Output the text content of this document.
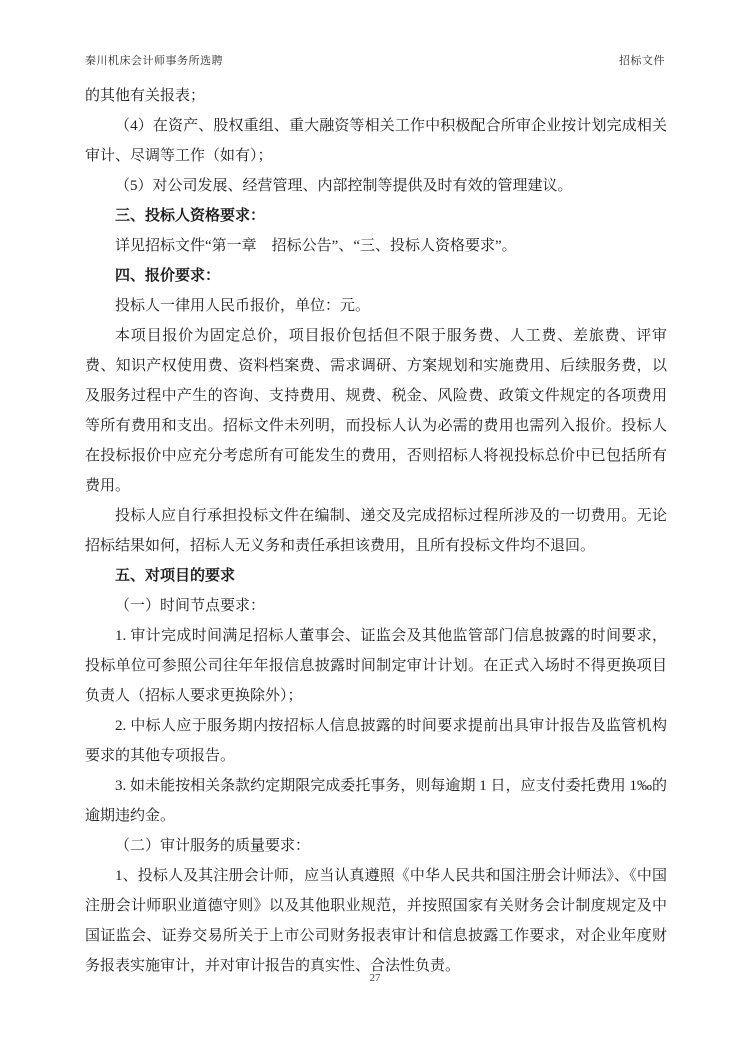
秦川机床会计师事务所选聘	招标文件

的其他有关报表；

（4）在资产、股权重组、重大融资等相关工作中积极配合所审企业按计划完成相关审计、尽调等工作（如有）；

（5）对公司发展、经营管理、内部控制等提供及时有效的管理建议。

三、投标人资格要求：

详见招标文件“第一章　招标公告”、“三、投标人资格要求”。

四、报价要求：

投标人一律用人民币报价，单位：元。

本项目报价为固定总价，项目报价包括但不限于服务费、人工费、差旅费、评审费、知识产权使用费、资料档案费、需求调研、方案规划和实施费用、后续服务费，以及服务过程中产生的咨询、支持费用、规费、税金、风险费、政策文件规定的各项费用等所有费用和支出。招标文件未列明，而投标人认为必需的费用也需列入报价。投标人在投标报价中应充分考虑所有可能发生的费用，否则招标人将视投标总价中已包括所有费用。

投标人应自行承担投标文件在编制、递交及完成招标过程所涉及的一切费用。无论招标结果如何，招标人无义务和责任承担该费用，且所有投标文件均不退回。

五、对项目的要求

（一）时间节点要求：

1. 审计完成时间满足招标人董事会、证监会及其他监管部门信息披露的时间要求，投标单位可参照公司往年年报信息披露时间制定审计计划。在正式入场时不得更换项目负责人（招标人要求更换除外）；

2. 中标人应于服务期内按招标人信息披露的时间要求提前出具审计报告及监管机构要求的其他专项报告。

3. 如未能按相关条款约定期限完成委托事务，则每逾期 1 日，应支付委托费用 1‰的逾期违约金。

（二）审计服务的质量要求：

1、投标人及其注册会计师，应当认真遵照《中华人民共和国注册会计师法》、《中国注册会计师职业道德守则》以及其他职业规范，并按照国家有关财务会计制度规定及中国证监会、证券交易所关于上市公司财务报表审计和信息披露工作要求，对企业年度财务报表实施审计，并对审计报告的真实性、合法性负责。

27
